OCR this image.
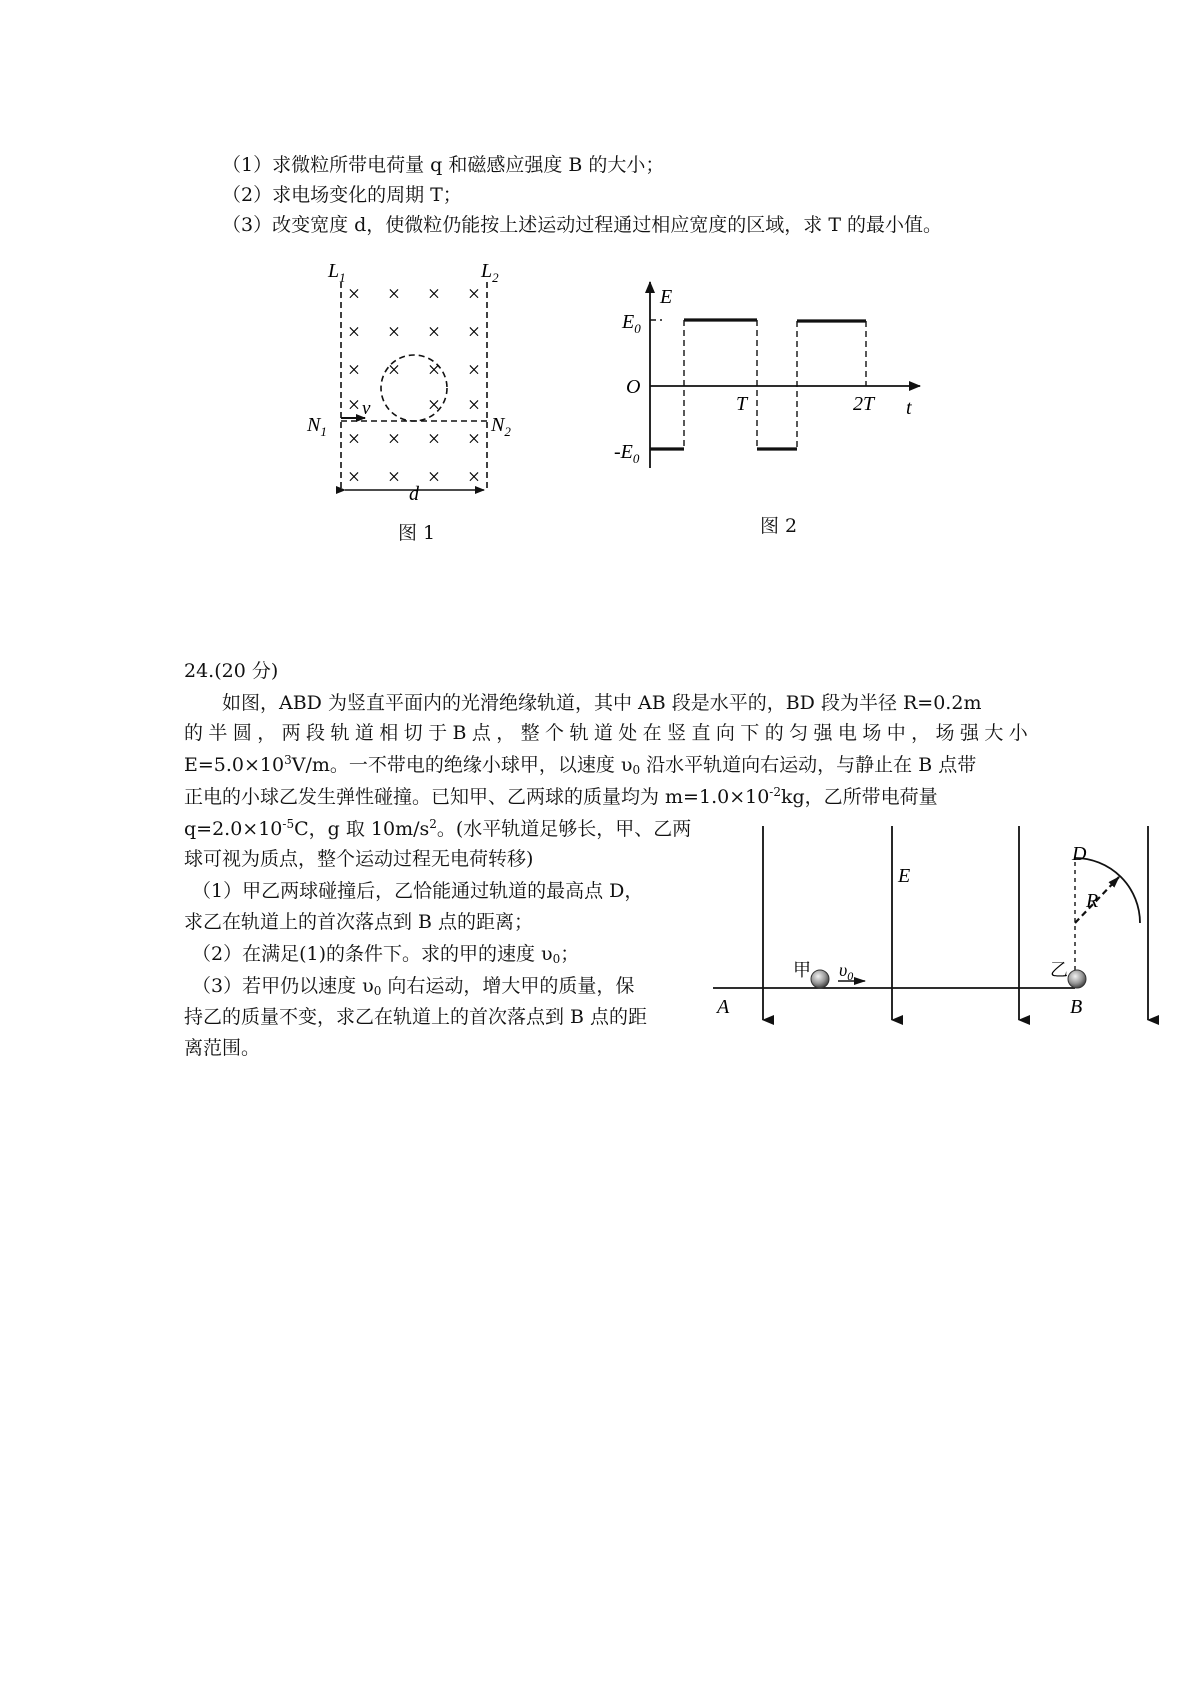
（1）求微粒所带电荷量 q 和磁感应强度 B 的大小；
（2）求电场变化的周期 T；
（3）改变宽度 d，使微粒仍能按上述运动过程通过相应宽度的区域，求 T 的最小值。
× × × ×
× × × ×
× × × ×
×	× ×
× × × ×
× × × ×
$L_1$	$L_2$
$N_1$	$N_2$
v
d
图 1
E
$E_0$
O
$-E_0$
T	2T t
图 2
24.(20 分)
如图，ABD 为竖直平面内的光滑绝缘轨道，其中 AB 段是水平的，BD 段为半径 R=0.2m
的 半 圆 ， 两 段 轨 道 相 切 于 B 点 ， 整 个 轨 道 处 在 竖 直 向 下 的 匀 强 电 场 中 ， 场 强 大 小
$E=5.0\times 10^3V/m$。一不带电的绝缘小球甲，以速度 $\upsilon_0$ 沿水平轨道向右运动，与静止在 B 点带
正电的小球乙发生弹性碰撞。已知甲、乙两球的质量均为 $m=1.0\times 10^{-2}kg$，乙所带电荷量
$q=2.0\times 10^{-5}C$，g 取 $10m/s^2$。(水平轨道足够长，甲、乙两
球可视为质点，整个运动过程无电荷转移)
（1）甲乙两球碰撞后，乙恰能通过轨道的最高点 D，
求乙在轨道上的首次落点到 B 点的距离；
（2）在满足(1)的条件下。求的甲的速度 $\upsilon_0$；
（3）若甲仍以速度 $\upsilon_0$ 向右运动，增大甲的质量，保
持乙的质量不变，求乙在轨道上的首次落点到 B 点的距
离范围。
E
D
R
A	B
甲	乙
$\upsilon_0$
